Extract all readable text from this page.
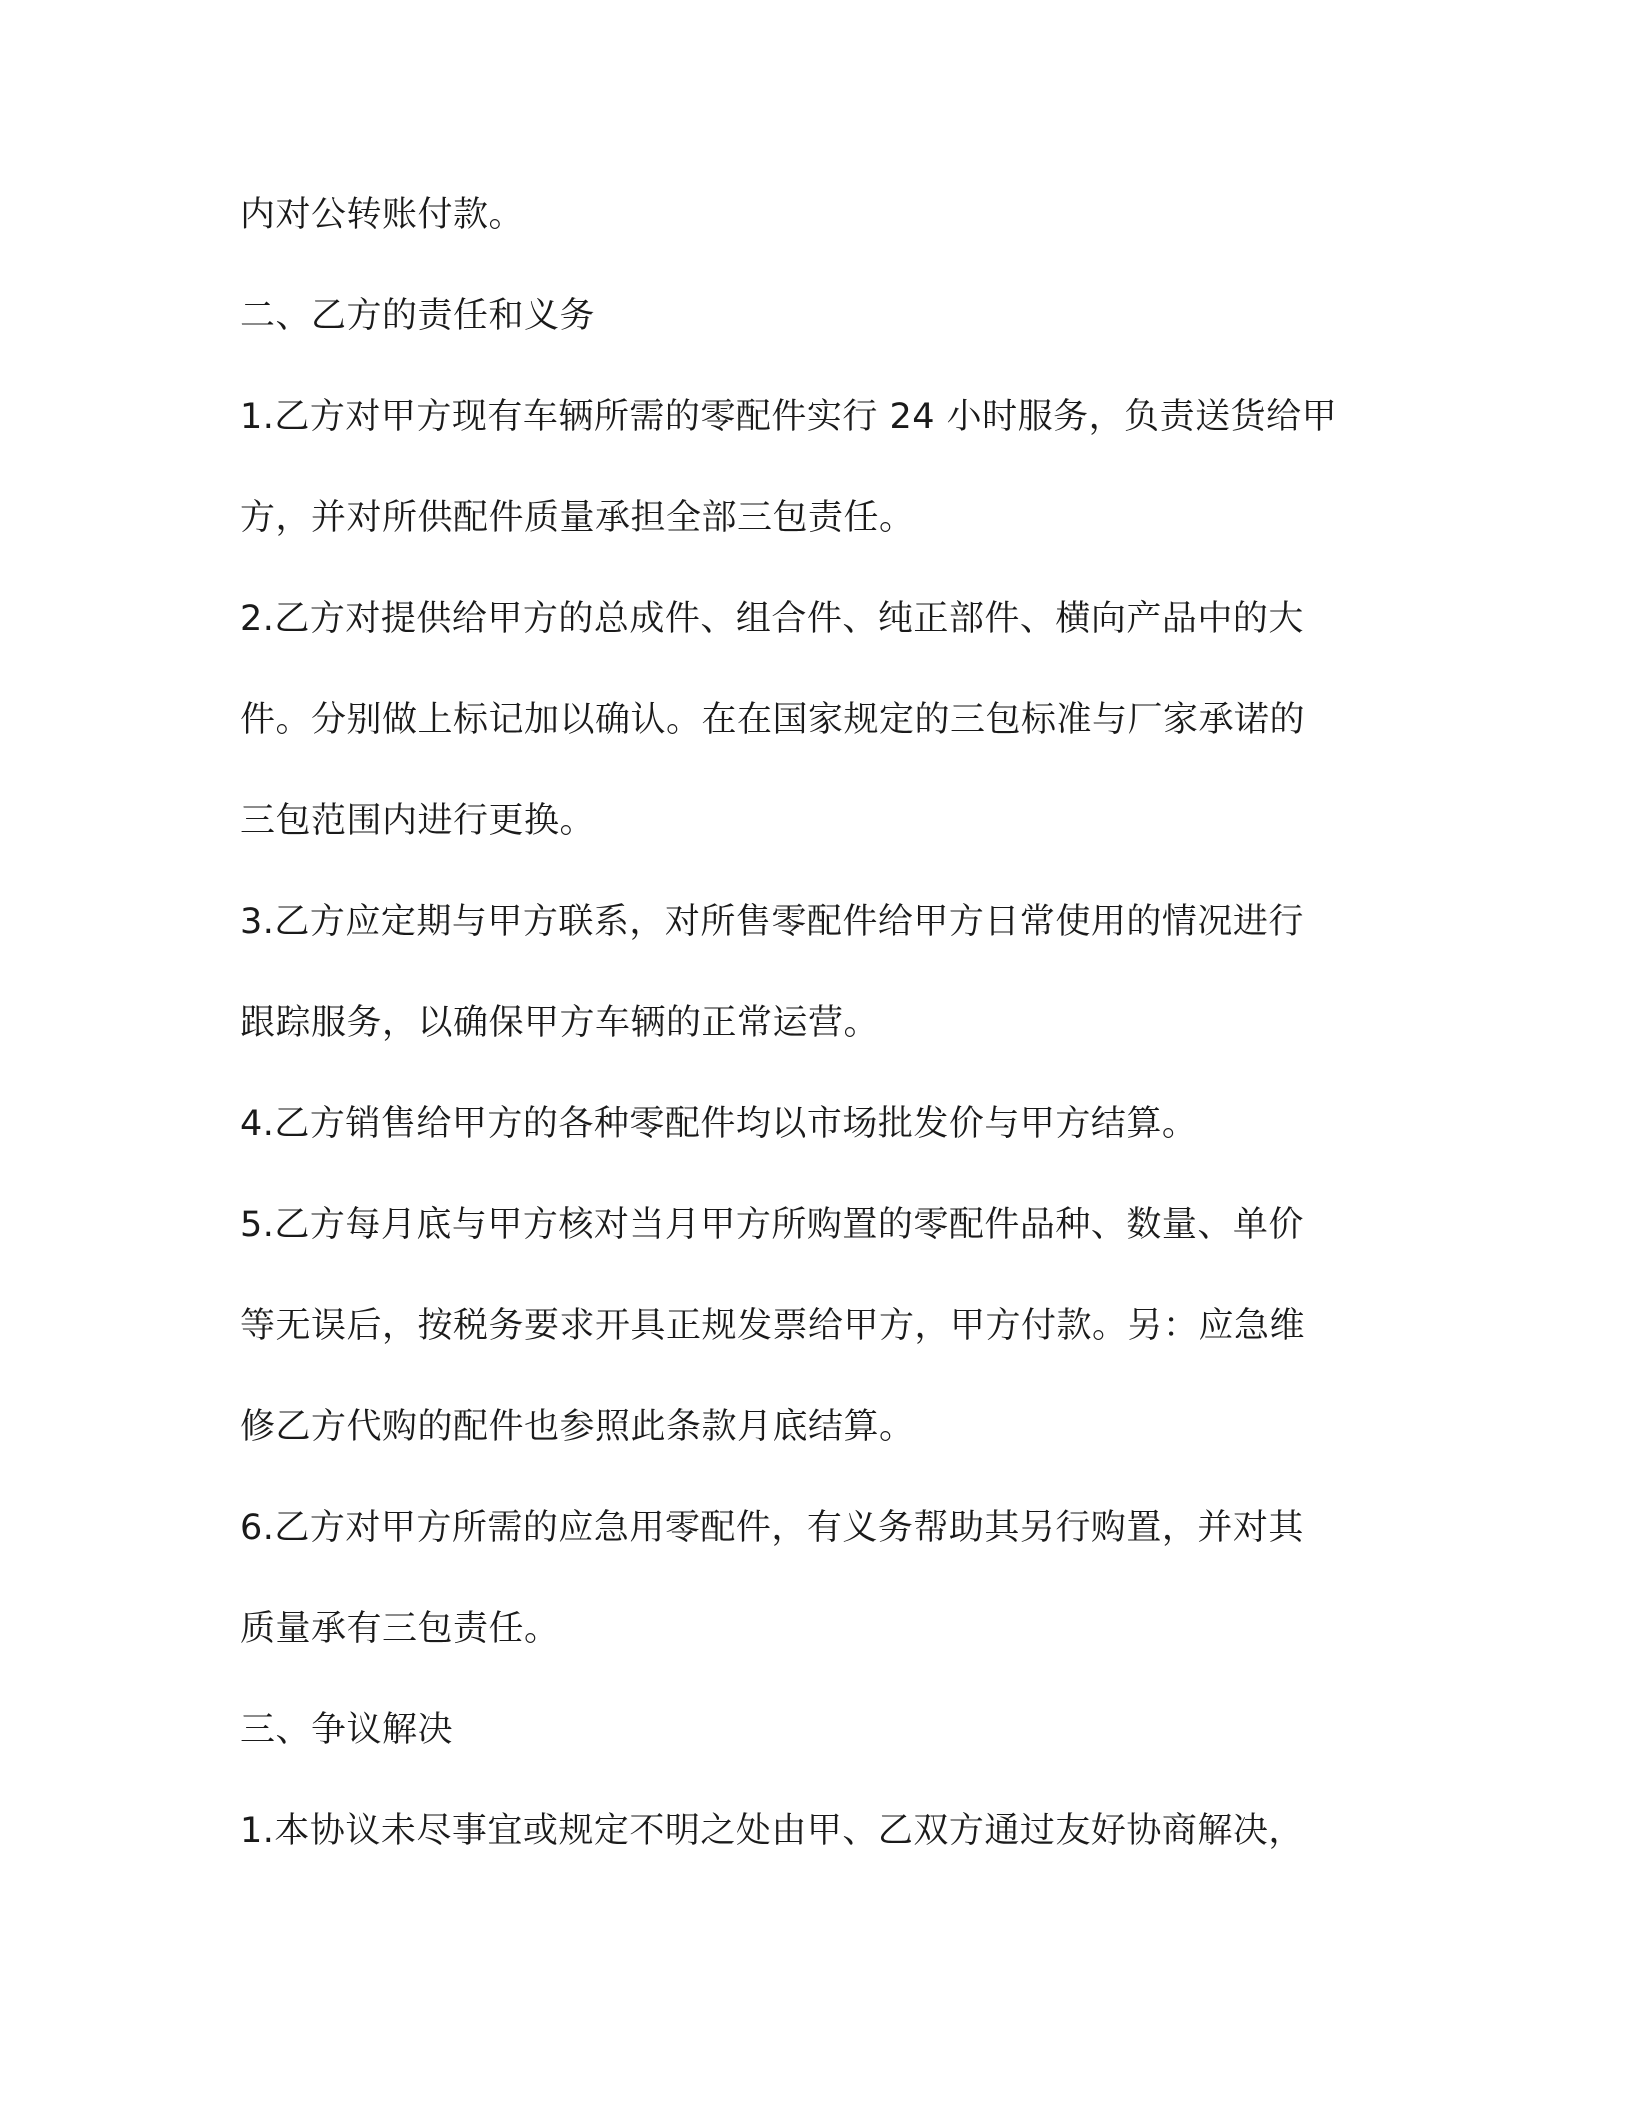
内对公转账付款。
二、乙方的责任和义务
1.乙方对甲方现有车辆所需的零配件实行 24 小时服务，负责送货给甲
方，并对所供配件质量承担全部三包责任。
2.乙方对提供给甲方的总成件、组合件、纯正部件、横向产品中的大
件。分别做上标记加以确认。在在国家规定的三包标准与厂家承诺的
三包范围内进行更换。
3.乙方应定期与甲方联系，对所售零配件给甲方日常使用的情况进行
跟踪服务，以确保甲方车辆的正常运营。
4.乙方销售给甲方的各种零配件均以市场批发价与甲方结算。
5.乙方每月底与甲方核对当月甲方所购置的零配件品种、数量、单价
等无误后，按税务要求开具正规发票给甲方，甲方付款。另：应急维
修乙方代购的配件也参照此条款月底结算。
6.乙方对甲方所需的应急用零配件，有义务帮助其另行购置，并对其
质量承有三包责任。
三、争议解决
1.本协议未尽事宜或规定不明之处由甲、乙双方通过友好协商解决，
